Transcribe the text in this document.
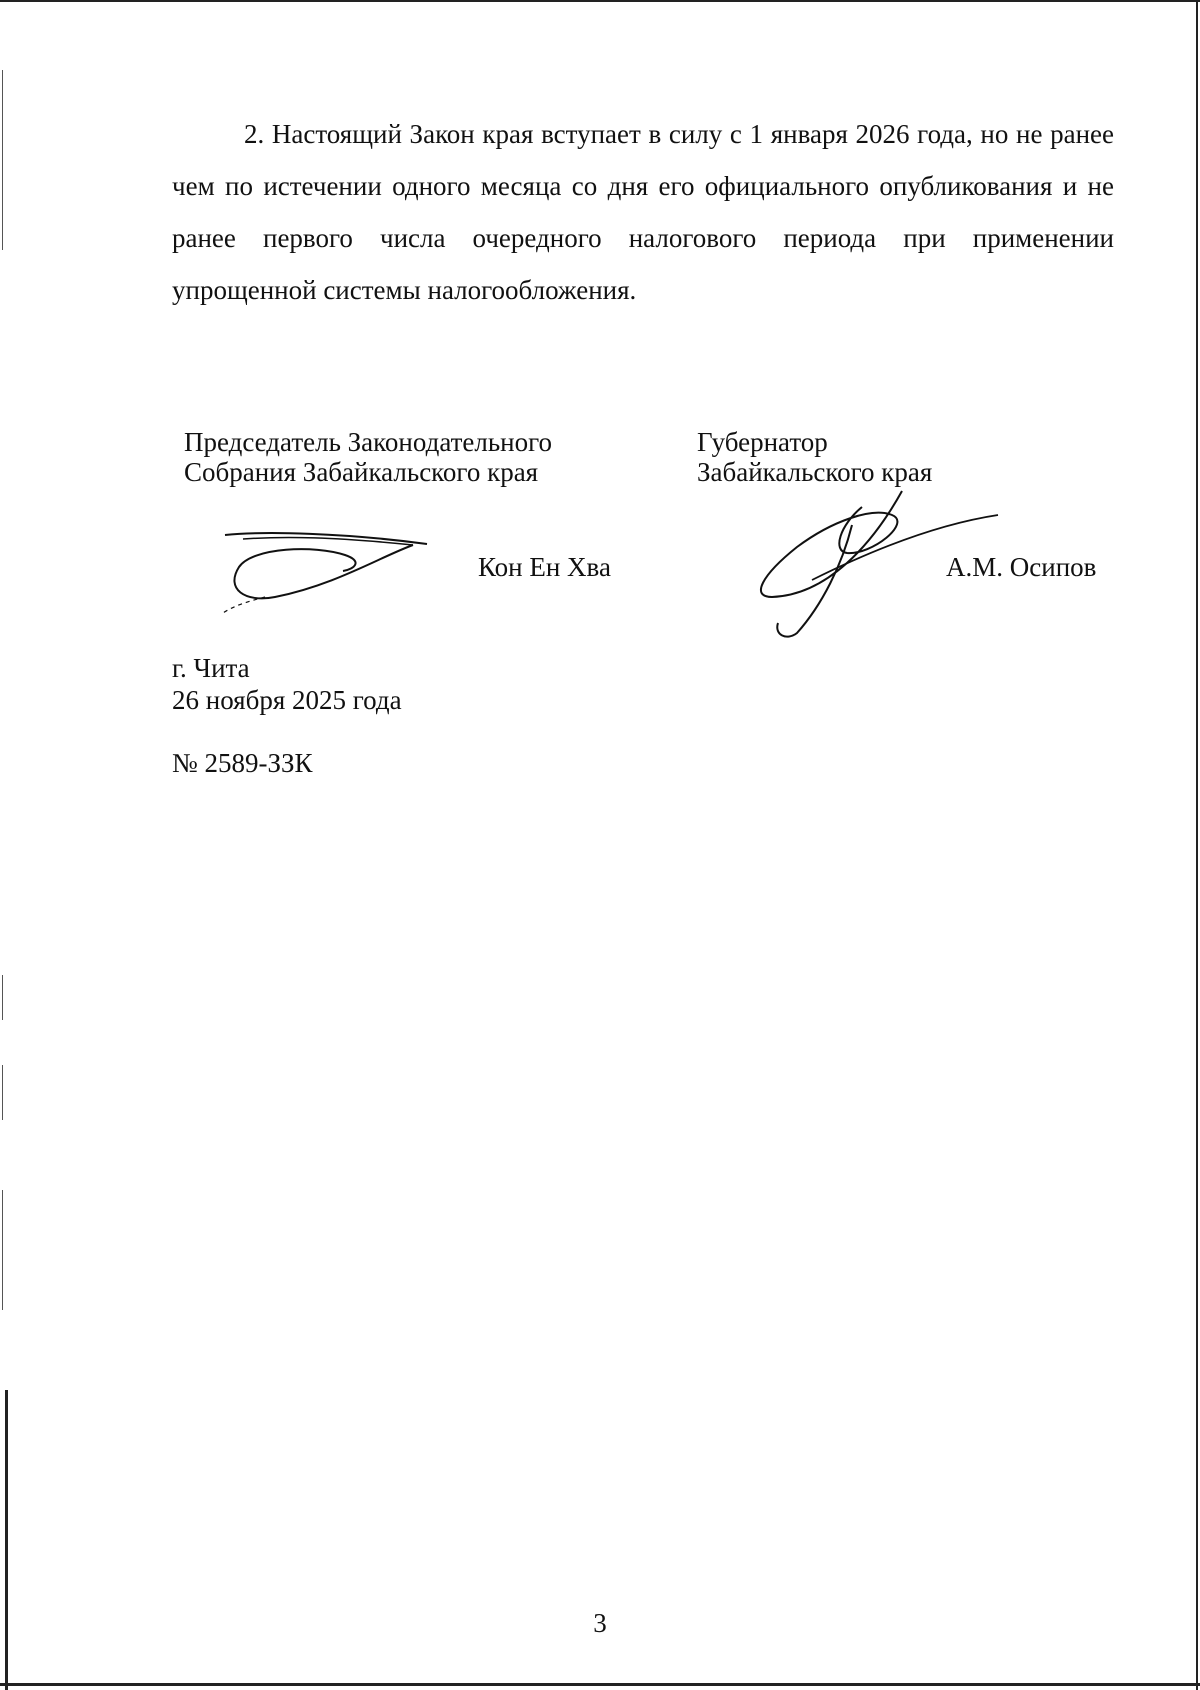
2. Настоящий Закон края вступает в силу с 1 января 2026 года, но не ранее чем по истечении одного месяца со дня его официального опубликования и не ранее первого числа очередного налогового периода при применении упрощенной системы налогообложения.

Председатель Законодательного
Собрания Забайкальского края
Кон Ен Хва
Губернатор
Забайкальского края
А.М. Осипов
г. Чита
26 ноября 2025 года
№ 2589-ЗЗК
3
